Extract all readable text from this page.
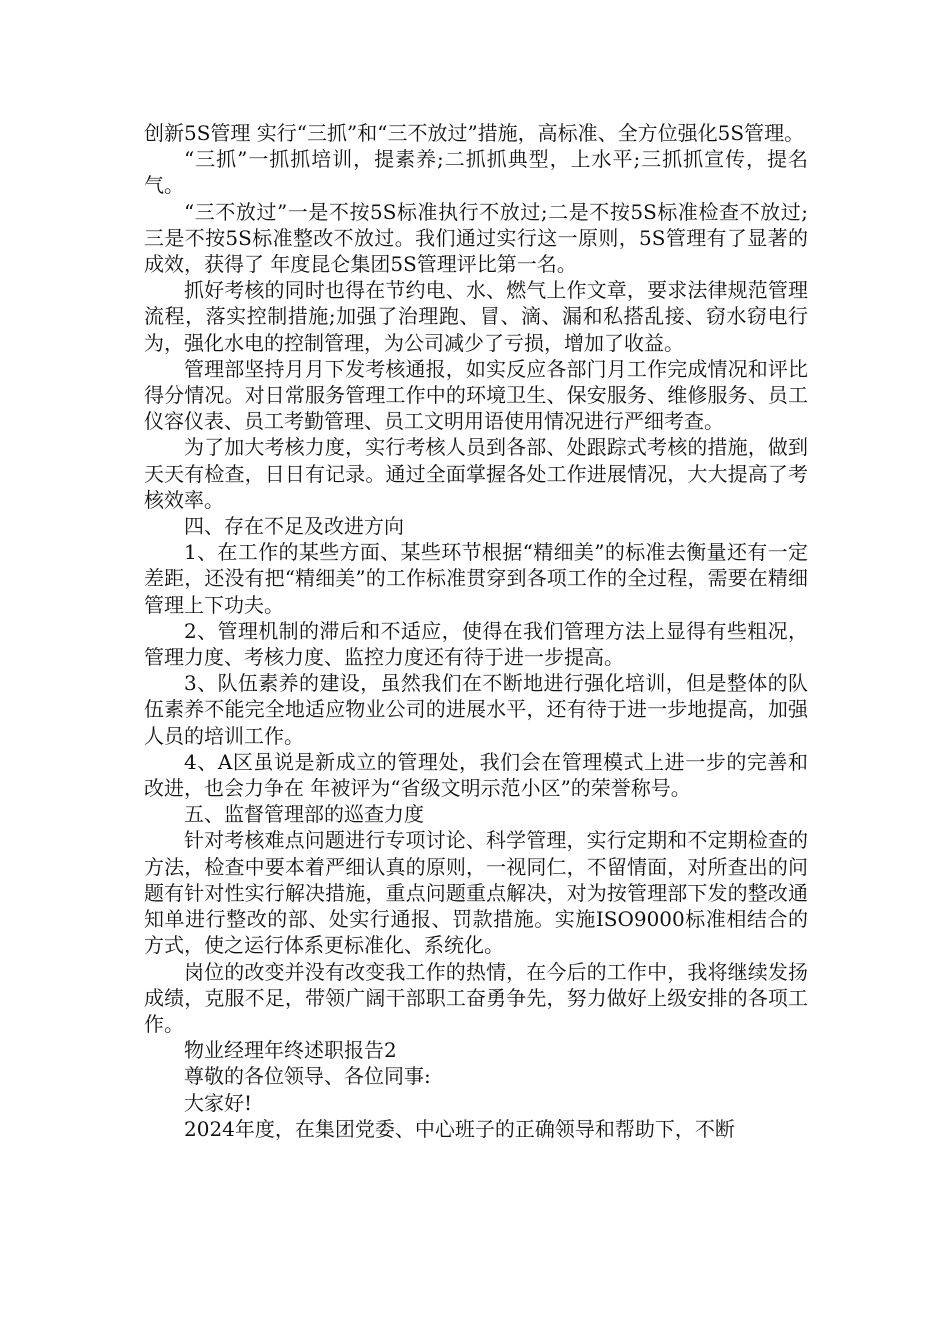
创新5S管理 实行“三抓”和“三不放过”措施，高标准、全方位强化5S管理。

“三抓”一抓抓培训，提素养;二抓抓典型，上水平;三抓抓宣传，提名气。

“三不放过”一是不按5S标准执行不放过;二是不按5S标准检查不放过;三是不按5S标准整改不放过。我们通过实行这一原则，5S管理有了显著的成效，获得了 年度昆仑集团5S管理评比第一名。

抓好考核的同时也得在节约电、水、燃气上作文章，要求法律规范管理流程，落实控制措施;加强了治理跑、冒、滴、漏和私搭乱接、窃水窃电行为，强化水电的控制管理，为公司减少了亏损，增加了收益。

管理部坚持月月下发考核通报，如实反应各部门月工作完成情况和评比得分情况。对日常服务管理工作中的环境卫生、保安服务、维修服务、员工仪容仪表、员工考勤管理、员工文明用语使用情况进行严细考查。

为了加大考核力度，实行考核人员到各部、处跟踪式考核的措施，做到天天有检查，日日有记录。通过全面掌握各处工作进展情况，大大提高了考核效率。

四、存在不足及改进方向

1、在工作的某些方面、某些环节根据“精细美”的标准去衡量还有一定差距，还没有把“精细美”的工作标准贯穿到各项工作的全过程，需要在精细管理上下功夫。

2、管理机制的滞后和不适应，使得在我们管理方法上显得有些粗况，管理力度、考核力度、监控力度还有待于进一步提高。

3、队伍素养的建设，虽然我们在不断地进行强化培训，但是整体的队伍素养不能完全地适应物业公司的进展水平，还有待于进一步地提高，加强人员的培训工作。

4、A区虽说是新成立的管理处，我们会在管理模式上进一步的完善和改进，也会力争在 年被评为“省级文明示范小区”的荣誉称号。

五、监督管理部的巡查力度

针对考核难点问题进行专项讨论、科学管理，实行定期和不定期检查的方法，检查中要本着严细认真的原则，一视同仁，不留情面，对所查出的问题有针对性实行解决措施，重点问题重点解决，对为按管理部下发的整改通知单进行整改的部、处实行通报、罚款措施。实施ISO9000标准相结合的方式，使之运行体系更标准化、系统化。

岗位的改变并没有改变我工作的热情，在今后的工作中，我将继续发扬成绩，克服不足，带领广阔干部职工奋勇争先，努力做好上级安排的各项工作。

物业经理年终述职报告2

尊敬的各位领导、各位同事:

大家好!

2024年度，在集团党委、中心班子的正确领导和帮助下，不断
